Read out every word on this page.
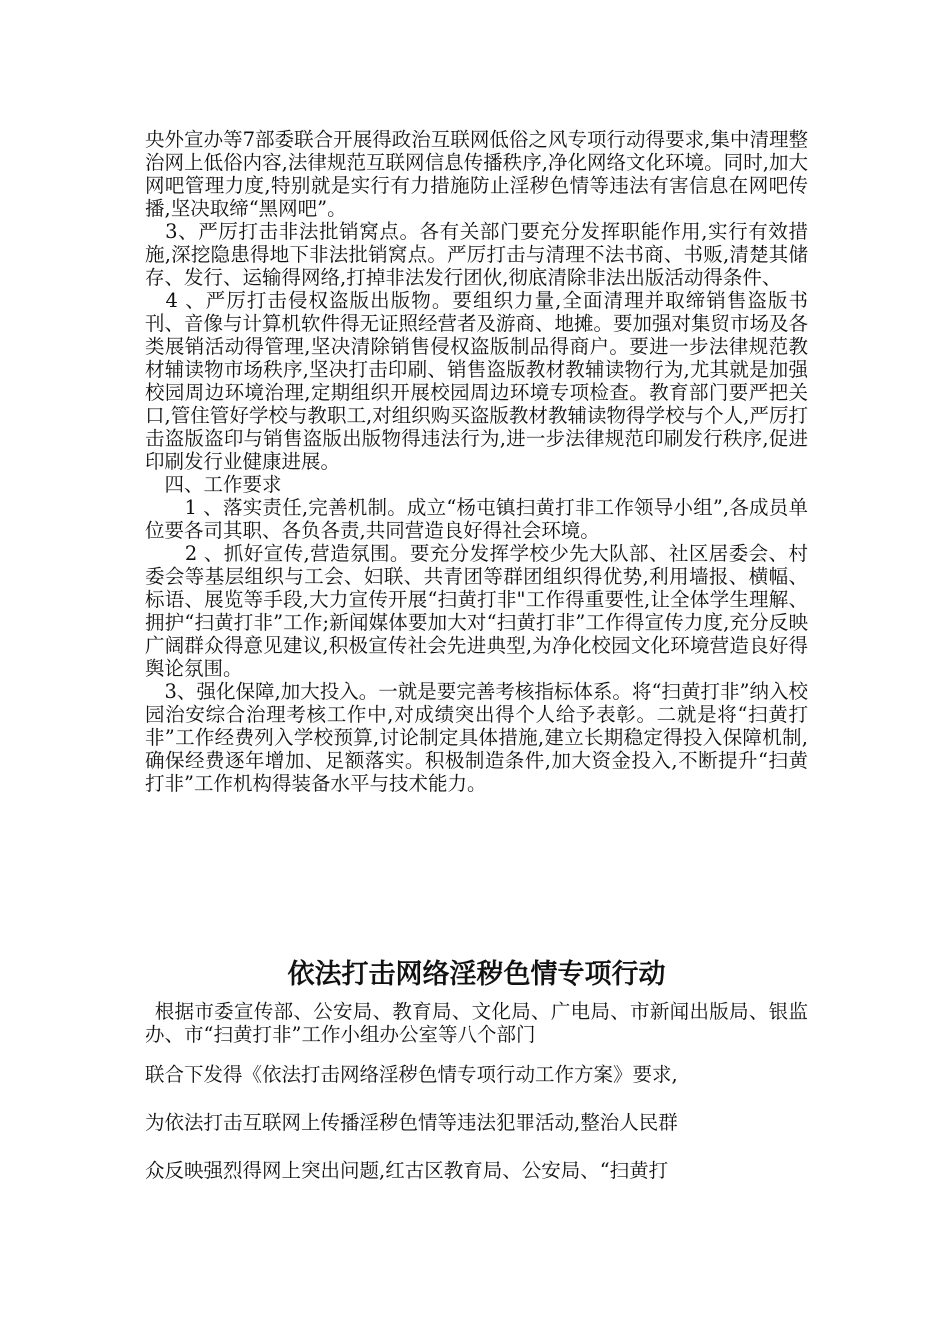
央外宣办等7部委联合开展得政治互联网低俗之风专项行动得要求,集中清理整治网上低俗内容,法律规范互联网信息传播秩序,净化网络文化环境。同时,加大网吧管理力度,特别就是实行有力措施防止淫秽色情等违法有害信息在网吧传播,坚决取缔“黑网吧”。

　3、严厉打击非法批销窝点。各有关部门要充分发挥职能作用,实行有效措施,深挖隐患得地下非法批销窝点。严厉打击与清理不法书商、书贩,清楚其储存、发行、运输得网络,打掉非法发行团伙,彻底清除非法出版活动得条件、

　4 、严厉打击侵权盗版出版物。要组织力量,全面清理并取缔销售盗版书刊、音像与计算机软件得无证照经营者及游商、地摊。要加强对集贸市场及各类展销活动得管理,坚决清除销售侵权盗版制品得商户。要进一步法律规范教材辅读物市场秩序,坚决打击印刷、销售盗版教材教辅读物行为,尤其就是加强校园周边环境治理,定期组织开展校园周边环境专项检查。教育部门要严把关口,管住管好学校与教职工,对组织购买盗版教材教辅读物得学校与个人,严厉打击盗版盗印与销售盗版出版物得违法行为,进一步法律规范印刷发行秩序,促进印刷发行业健康进展。

　四、工作要求

　　1 、落实责任,完善机制。成立“杨屯镇扫黄打非工作领导小组”,各成员单位要各司其职、各负各责,共同营造良好得社会环境。

　　2 、抓好宣传,营造氛围。要充分发挥学校少先大队部、社区居委会、村委会等基层组织与工会、妇联、共青团等群团组织得优势,利用墙报、横幅、标语、展览等手段,大力宣传开展“扫黄打非"工作得重要性,让全体学生理解、拥护“扫黄打非”工作;新闻媒体要加大对“扫黄打非”工作得宣传力度,充分反映广阔群众得意见建议,积极宣传社会先进典型,为净化校园文化环境营造良好得舆论氛围。

　3、强化保障,加大投入。一就是要完善考核指标体系。将“扫黄打非”纳入校园治安综合治理考核工作中,对成绩突出得个人给予表彰。二就是将“扫黄打非”工作经费列入学校预算,讨论制定具体措施,建立长期稳定得投入保障机制,确保经费逐年增加、足额落实。积极制造条件,加大资金投入,不断提升“扫黄打非”工作机构得装备水平与技术能力。

依法打击网络淫秽色情专项行动

根据市委宣传部、公安局、教育局、文化局、广电局、市新闻出版局、银监办、市“扫黄打非”工作小组办公室等八个部门

联合下发得《依法打击网络淫秽色情专项行动工作方案》要求,
为依法打击互联网上传播淫秽色情等违法犯罪活动,整治人民群
众反映强烈得网上突出问题,红古区教育局、公安局、“扫黄打
